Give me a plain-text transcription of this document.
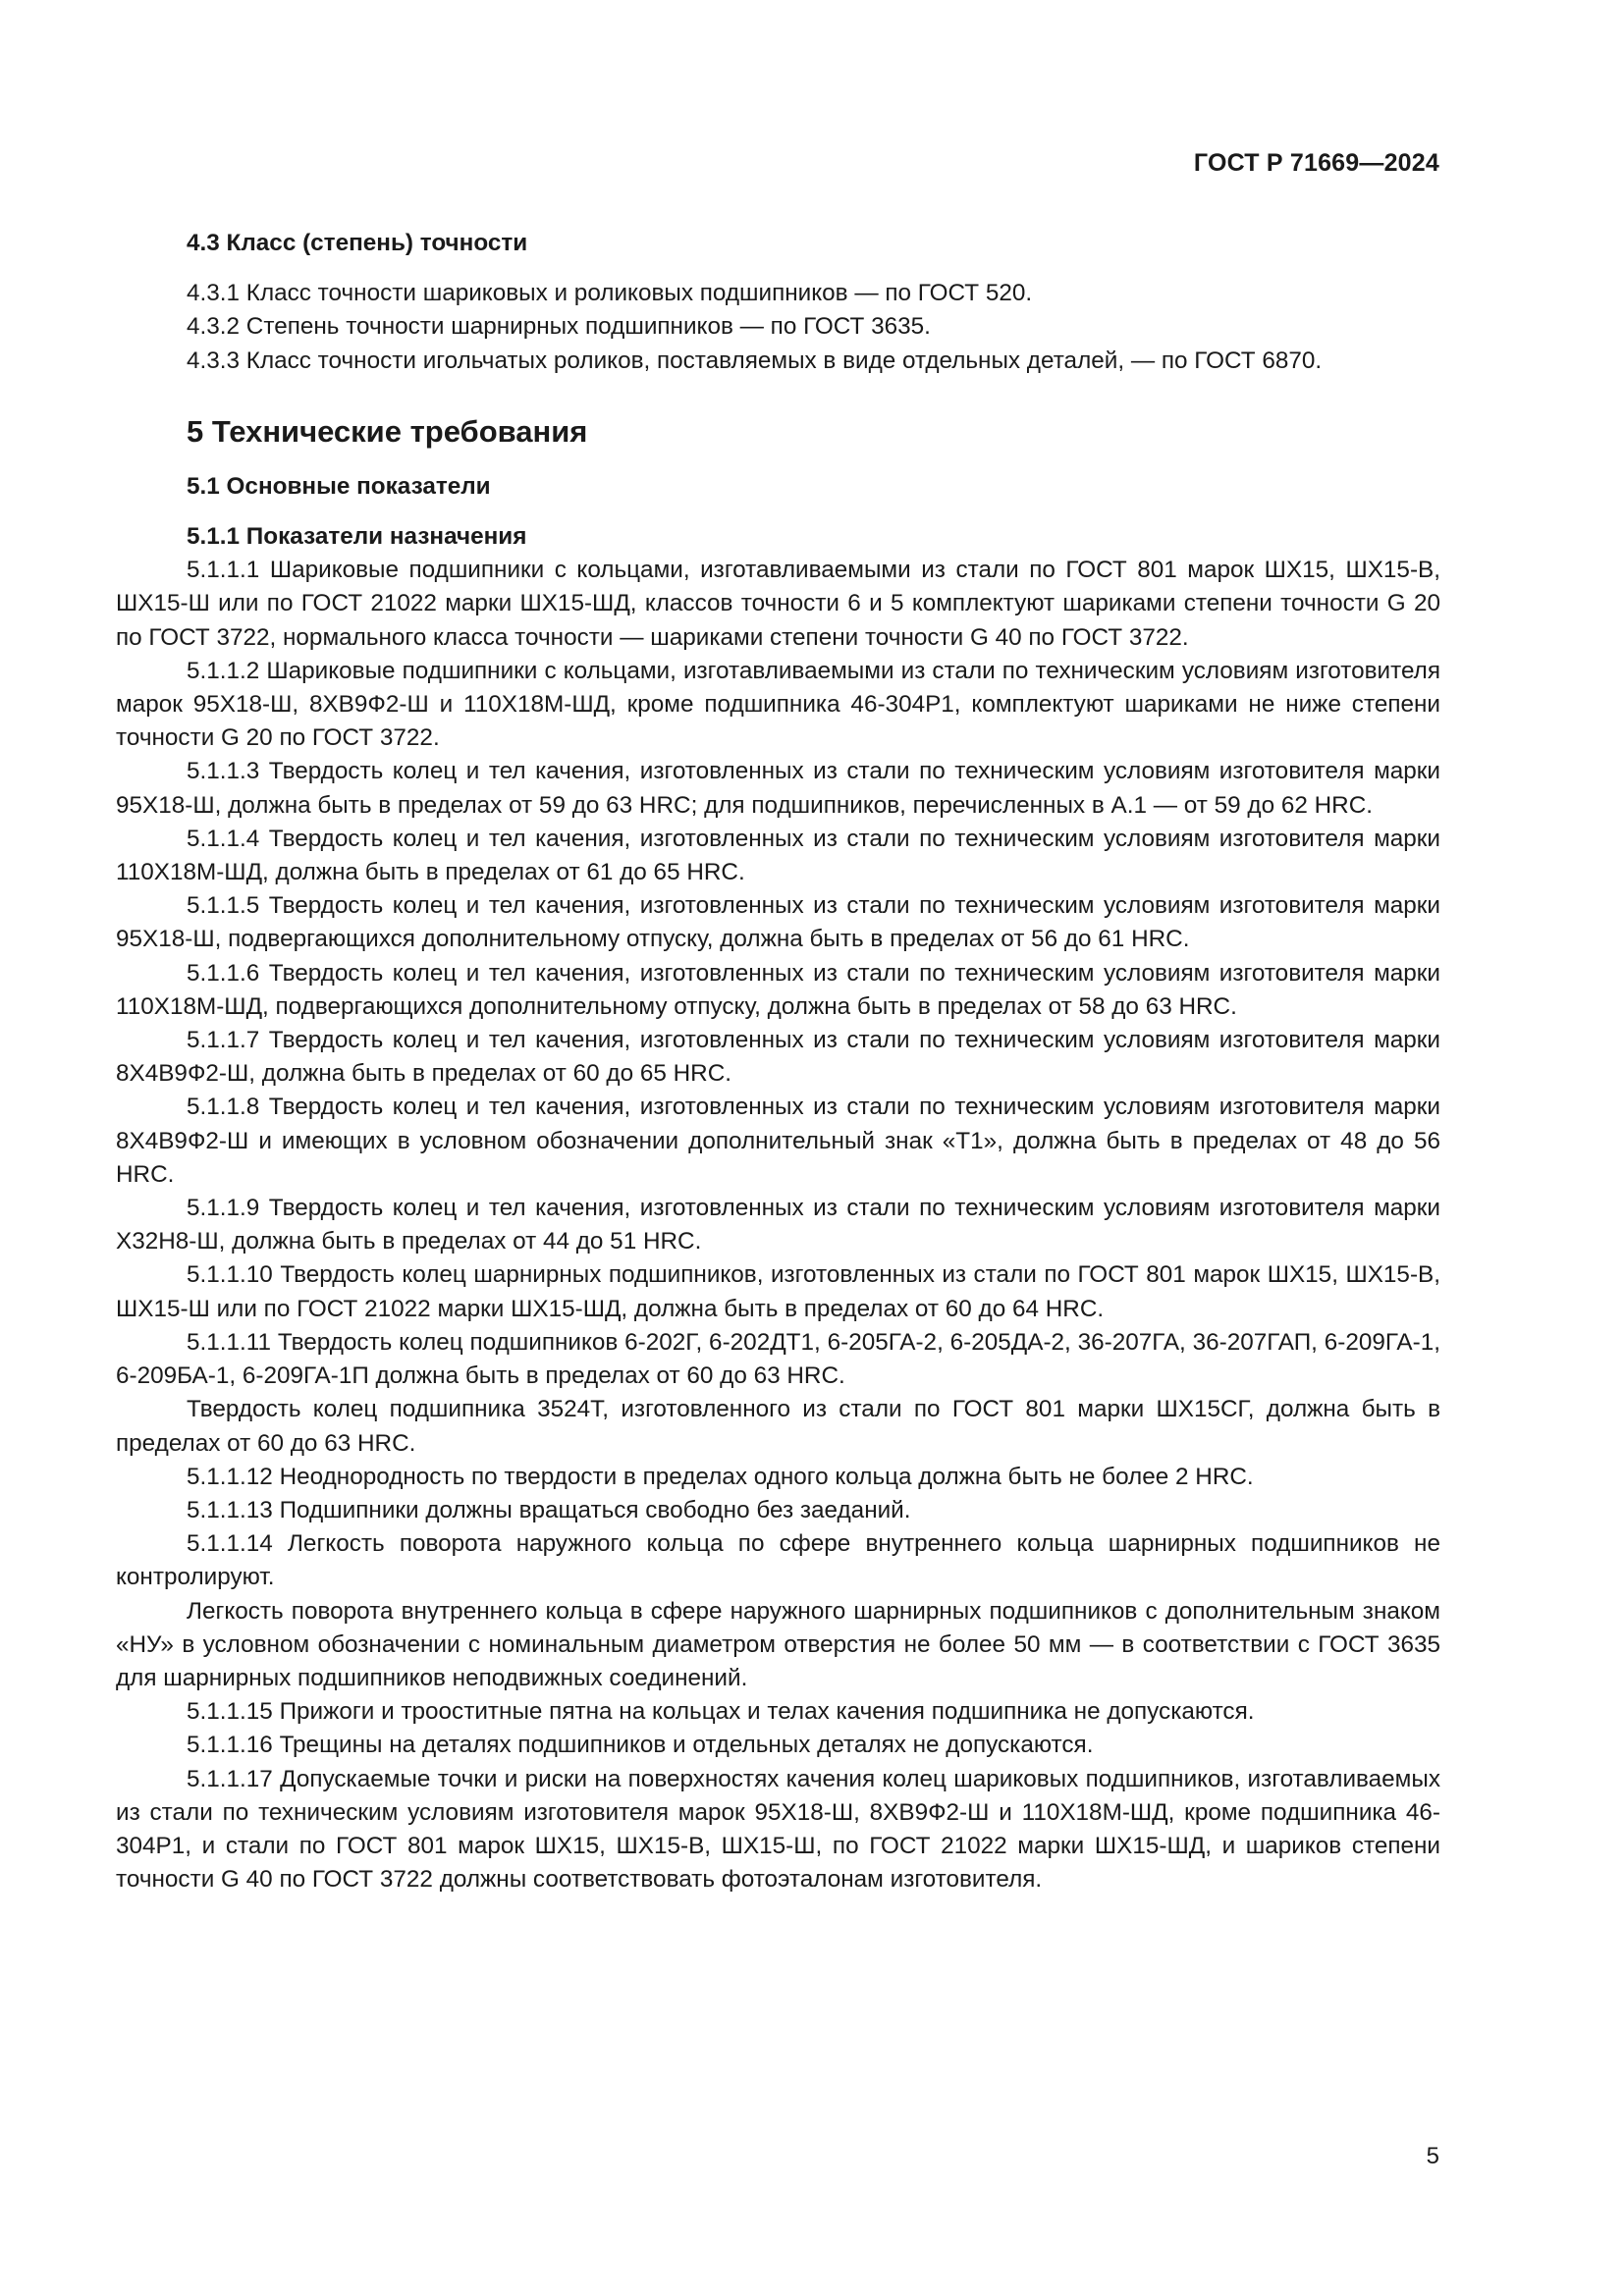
ГОСТ Р 71669—2024
4.3 Класс (степень) точности

4.3.1 Класс точности шариковых и роликовых подшипников — по ГОСТ 520.

4.3.2 Степень точности шарнирных подшипников — по ГОСТ 3635.

4.3.3 Класс точности игольчатых роликов, поставляемых в виде отдельных деталей, — по ГОСТ 6870.

5 Технические требования
5.1 Основные показатели
5.1.1 Показатели назначения

5.1.1.1 Шариковые подшипники с кольцами, изготавливаемыми из стали по ГОСТ 801 марок ШХ15, ШХ15-В, ШХ15-Ш или по ГОСТ 21022 марки ШХ15-ШД, классов точности 6 и 5 комплектуют шариками степени точности G 20 по ГОСТ 3722, нормального класса точности — шариками степени точности G 40 по ГОСТ 3722.

5.1.1.2 Шариковые подшипники с кольцами, изготавливаемыми из стали по техническим условиям изготовителя марок 95Х18-Ш, 8ХВ9Ф2-Ш и 110Х18М-ШД, кроме подшипника 46-304Р1, комплектуют шариками не ниже степени точности G 20 по ГОСТ 3722.

5.1.1.3 Твердость колец и тел качения, изготовленных из стали по техническим условиям изготовителя марки 95Х18-Ш, должна быть в пределах от 59 до 63 HRC; для подшипников, перечисленных в А.1 — от 59 до 62 HRC.

5.1.1.4 Твердость колец и тел качения, изготовленных из стали по техническим условиям изготовителя марки 110Х18М-ШД, должна быть в пределах от 61 до 65 HRC.

5.1.1.5 Твердость колец и тел качения, изготовленных из стали по техническим условиям изготовителя марки 95Х18-Ш, подвергающихся дополнительному отпуску, должна быть в пределах от 56 до 61 HRC.

5.1.1.6 Твердость колец и тел качения, изготовленных из стали по техническим условиям изготовителя марки 110Х18М-ШД, подвергающихся дополнительному отпуску, должна быть в пределах от 58 до 63 HRC.

5.1.1.7 Твердость колец и тел качения, изготовленных из стали по техническим условиям изготовителя марки 8Х4В9Ф2-Ш, должна быть в пределах от 60 до 65 HRC.

5.1.1.8 Твердость колец и тел качения, изготовленных из стали по техническим условиям изготовителя марки 8Х4В9Ф2-Ш и имеющих в условном обозначении дополнительный знак «Т1», должна быть в пределах от 48 до 56 HRC.

5.1.1.9 Твердость колец и тел качения, изготовленных из стали по техническим условиям изготовителя марки Х32Н8-Ш, должна быть в пределах от 44 до 51 HRC.

5.1.1.10 Твердость колец шарнирных подшипников, изготовленных из стали по ГОСТ 801 марок ШХ15, ШХ15-В, ШХ15-Ш или по ГОСТ 21022 марки ШХ15-ШД, должна быть в пределах от 60 до 64 HRC.

5.1.1.11 Твердость колец подшипников 6-202Г, 6-202ДТ1, 6-205ГА-2, 6-205ДА-2, 36-207ГА, 36-207ГАП, 6-209ГА-1, 6-209БА-1, 6-209ГА-1П должна быть в пределах от 60 до 63 HRC.

Твердость колец подшипника 3524Т, изготовленного из стали по ГОСТ 801 марки ШХ15СГ, должна быть в пределах от 60 до 63 HRC.

5.1.1.12 Неоднородность по твердости в пределах одного кольца должна быть не более 2 HRC.

5.1.1.13 Подшипники должны вращаться свободно без заеданий.

5.1.1.14 Легкость поворота наружного кольца по сфере внутреннего кольца шарнирных подшипников не контролируют.

Легкость поворота внутреннего кольца в сфере наружного шарнирных подшипников с дополнительным знаком «НУ» в условном обозначении с номинальным диаметром отверстия не более 50 мм — в соответствии с ГОСТ 3635 для шарнирных подшипников неподвижных соединений.

5.1.1.15 Прижоги и трооститные пятна на кольцах и телах качения подшипника не допускаются.

5.1.1.16 Трещины на деталях подшипников и отдельных деталях не допускаются.

5.1.1.17 Допускаемые точки и риски на поверхностях качения колец шариковых подшипников, изготавливаемых из стали по техническим условиям изготовителя марок 95Х18-Ш, 8ХВ9Ф2-Ш и 110Х18М-ШД, кроме подшипника 46-304Р1, и стали по ГОСТ 801 марок ШХ15, ШХ15-В, ШХ15-Ш, по ГОСТ 21022 марки ШХ15-ШД, и шариков степени точности G 40 по ГОСТ 3722 должны соответствовать фотоэталонам изготовителя.

5
